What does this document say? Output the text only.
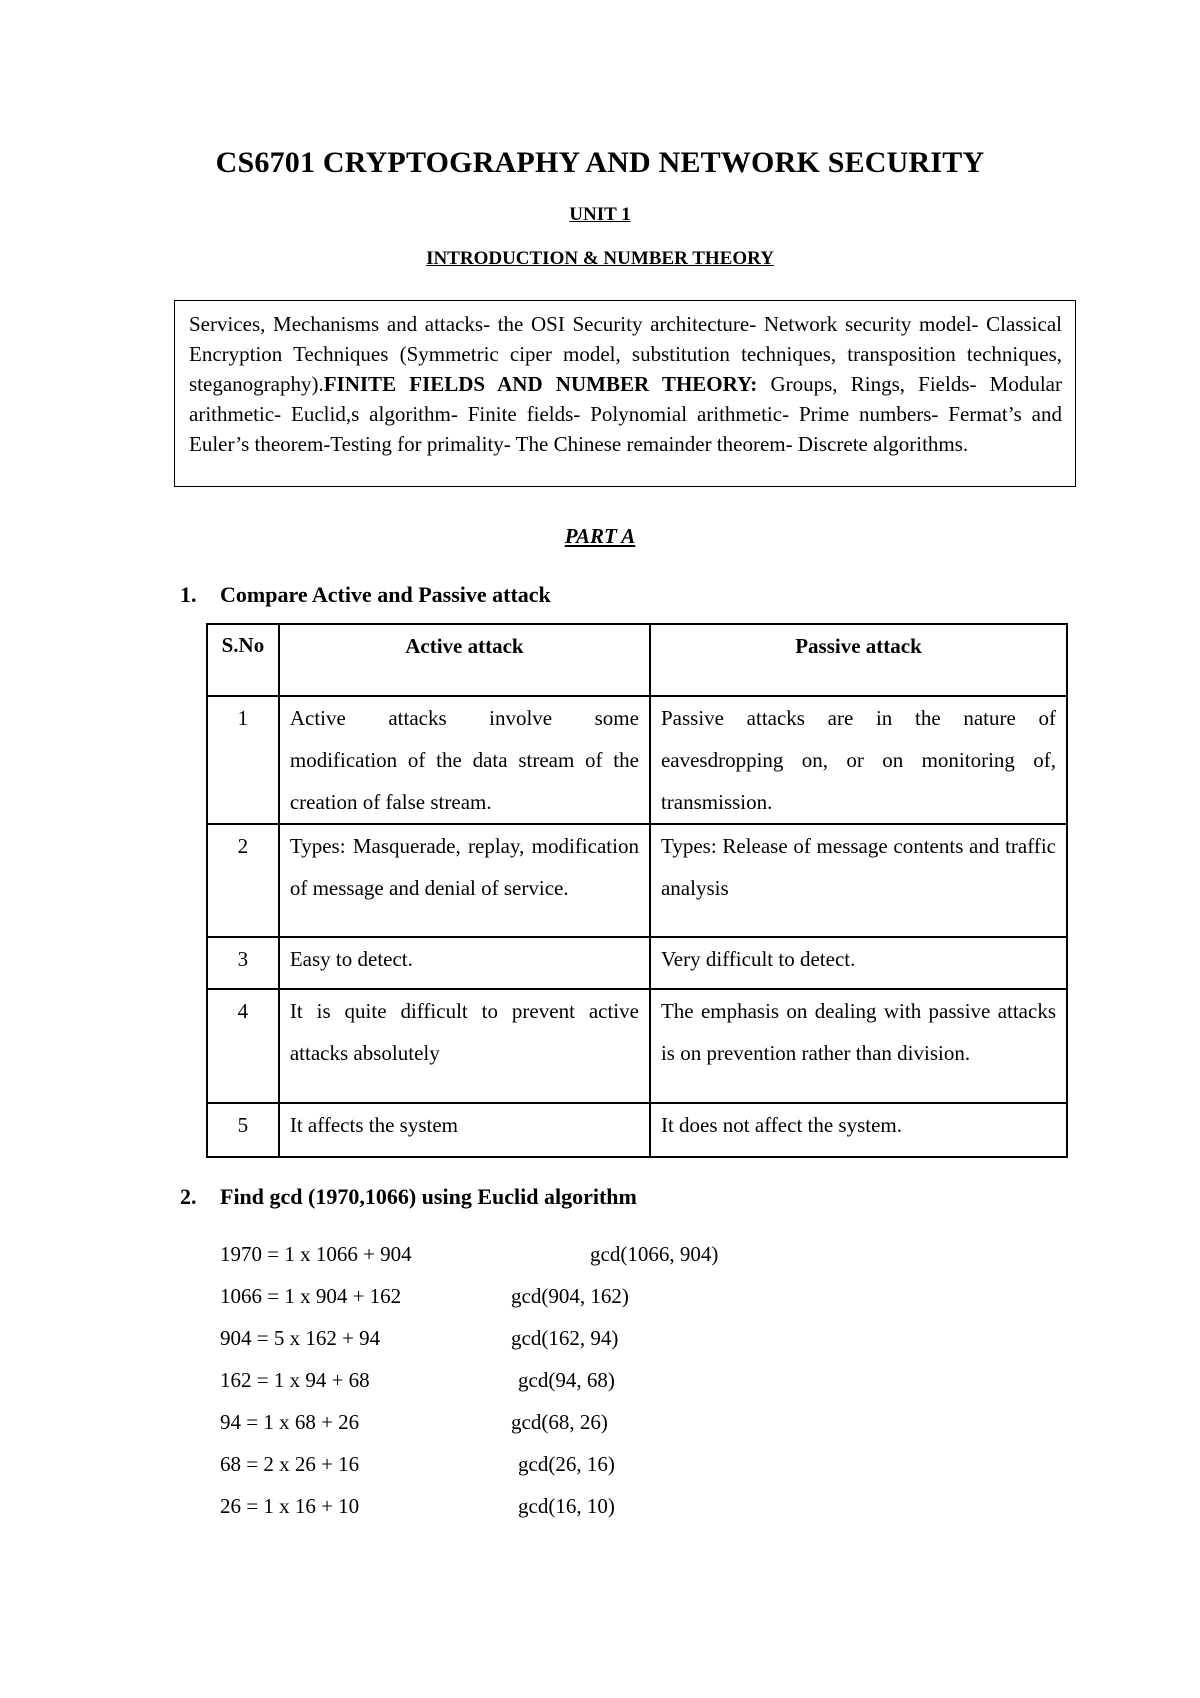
CS6701 CRYPTOGRAPHY AND NETWORK SECURITY
UNIT 1
INTRODUCTION & NUMBER THEORY
Services, Mechanisms and attacks- the OSI Security architecture- Network security model- Classical Encryption Techniques (Symmetric ciper model, substitution techniques, transposition techniques, steganography).FINITE FIELDS AND NUMBER THEORY: Groups, Rings, Fields- Modular arithmetic- Euclid,s algorithm- Finite fields- Polynomial arithmetic- Prime numbers- Fermat’s and Euler’s theorem-Testing for primality- The Chinese remainder theorem- Discrete algorithms.
PART A
1. Compare Active and Passive attack
S.No	Active attack	Passive attack
1	Active attacks involve some modification of the data stream of the creation of false stream.	Passive attacks are in the nature of eavesdropping on, or on monitoring of, transmission.
2	Types: Masquerade, replay, modification of message and denial of service.	Types: Release of message contents and traffic analysis
3	Easy to detect.	Very difficult to detect.
4	It is quite difficult to prevent active attacks absolutely	The emphasis on dealing with passive attacks is on prevention rather than division.
5	It affects the system	It does not affect the system.
2. Find gcd (1970,1066) using Euclid algorithm
1970 = 1 x 1066 + 904	gcd(1066, 904)
1066 = 1 x 904 + 162	gcd(904, 162)
904 = 5 x 162 + 94	gcd(162, 94)
162 = 1 x 94 + 68	gcd(94, 68)
94 = 1 x 68 + 26	gcd(68, 26)
68 = 2 x 26 + 16	gcd(26, 16)
26 = 1 x 16 + 10	gcd(16, 10)
